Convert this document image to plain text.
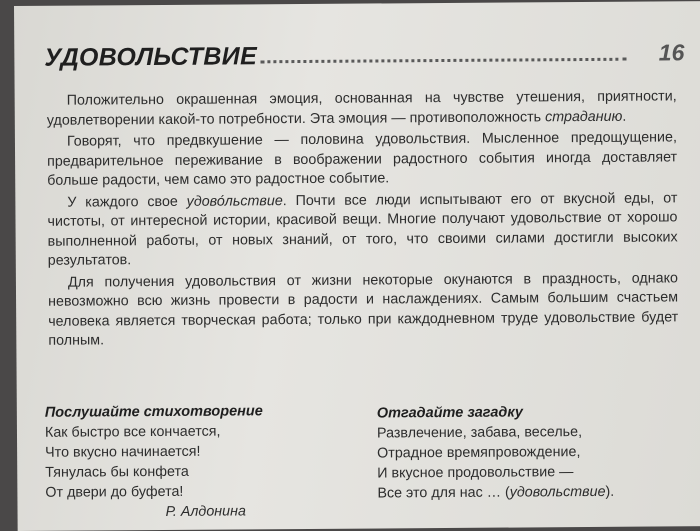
УДОВОЛЬСТВИЕ	16

Положительно окрашенная эмоция, основанная на чувстве утешения, приятности, удовлетворении какой-то потребности. Эта эмоция — противоположность страданию.

Говорят, что предвкушение — половина удовольствия. Мысленное предощущение, предварительное переживание в воображении радостного события иногда доставляет больше радости, чем само это радостное событие.

У каждого свое удово́льствие. Почти все люди испытывают его от вкусной еды, от чистоты, от интересной истории, красивой вещи. Многие получают удовольствие от хорошо выполненной работы, от новых знаний, от того, что своими силами достигли высоких результатов.

Для получения удовольствия от жизни некоторые окунаются в праздность, однако невозможно всю жизнь провести в радости и наслаждениях. Самым большим счастьем человека является творческая работа; только при каждодневном труде удовольствие будет полным.

Послушайте стихотворение
Как быстро все кончается,
Что вкусно начинается!
Тянулась бы конфета
От двери до буфета!
Р. Алдонина
Отгадайте загадку
Развлечение, забава, веселье,
Отрадное времяпровождение,
И вкусное продовольствие —
Все это для нас … (удовольствие).
